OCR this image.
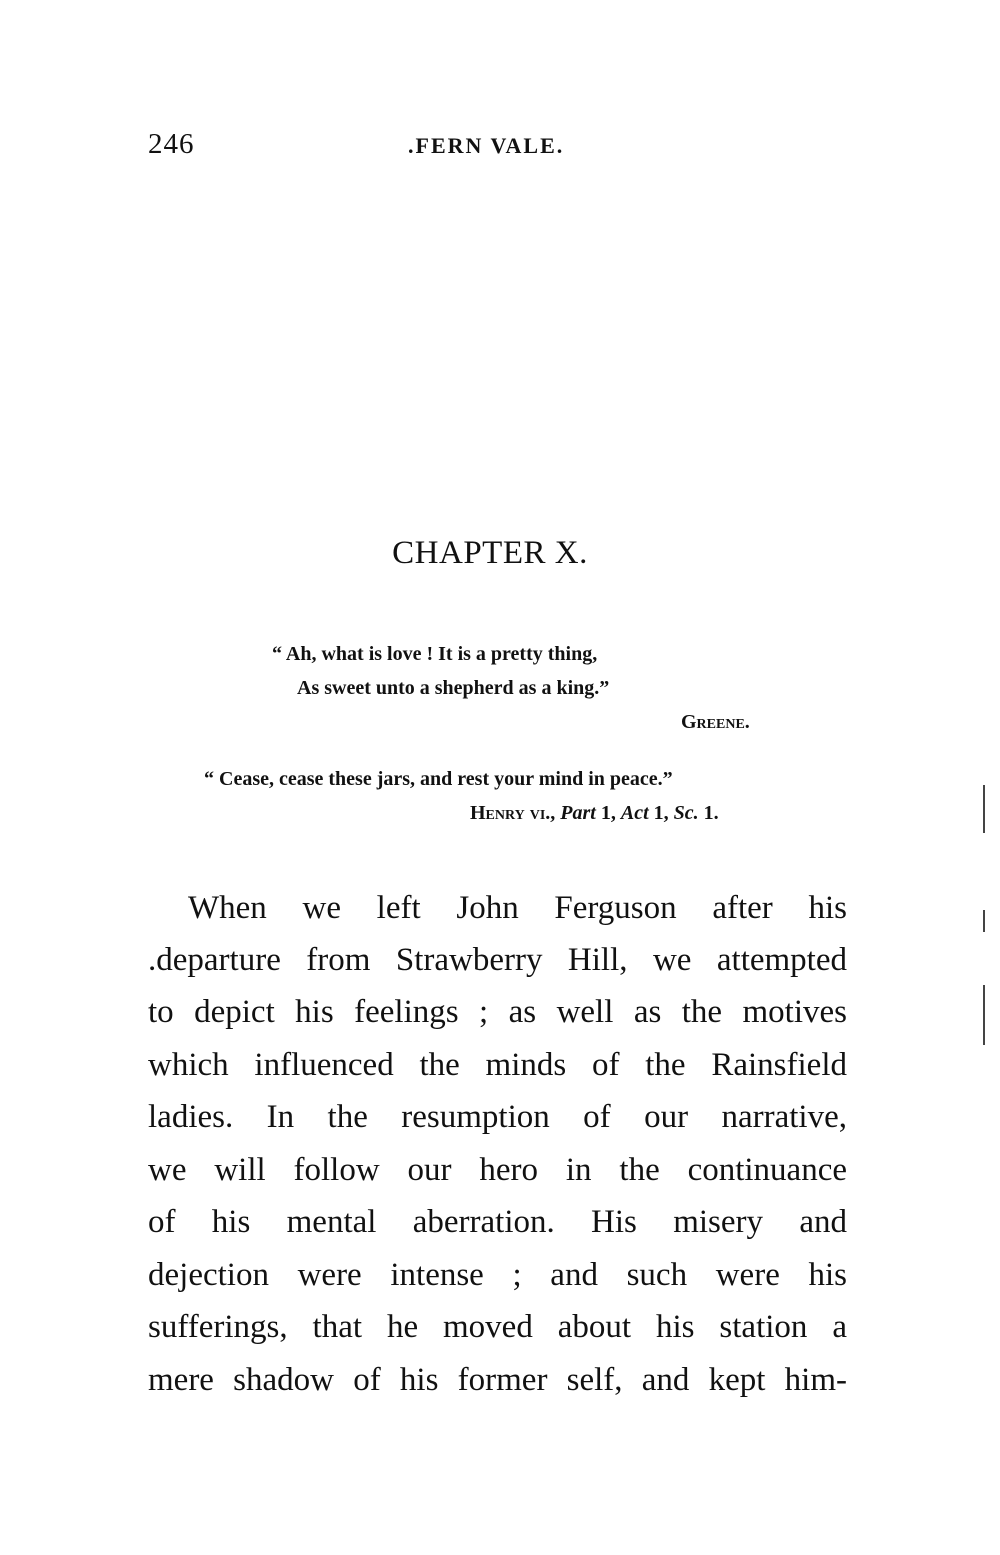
246	.FERN VALE.
CHAPTER X.
“ Ah, what is love ! It is a pretty thing,
As sweet unto a shepherd as a king.”
Greene.
“ Cease, cease these jars, and rest your mind in peace.”
Henry vi., Part 1, Act 1, Sc. 1.
When we left John Ferguson after his
.departure from Strawberry Hill, we attempted
to depict his feelings ; as well as the motives
which influenced the minds of the Rainsfield
ladies. In the resumption of our narrative,
we will follow our hero in the continuance
of his mental aberration. His misery and
dejection were intense ; and such were his
sufferings, that he moved about his station a
mere shadow of his former self, and kept him-
